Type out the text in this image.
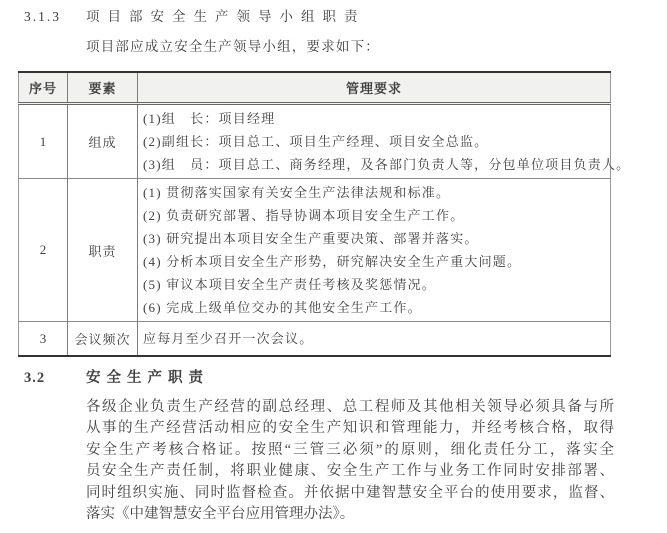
3.1.3	项目部安全生产领导小组职责
项目部应成立安全生产领导小组，要求如下：
序号	要素	管理要求
1	组成	(1)组　长：项目经理
(2)副组长：项目总工、项目生产经理、项目安全总监。
(3)组　员：项目总工、商务经理，及各部门负责人等，分包单位项目负责人。

2	职责	
(1) 贯彻落实国家有关安全生产法律法规和标准。
(2) 负责研究部署、指导协调本项目安全生产工作。
(3) 研究提出本项目安全生产重要决策、部署并落实。
(4) 分析本项目安全生产形势，研究解决安全生产重大问题。
(5) 审议本项目安全生产责任考核及奖惩情况。
(6) 完成上级单位交办的其他安全生产工作。

3	会议频次	应每月至少召开一次会议。
3.2	安全生产职责
各级企业负责生产经营的副总经理、总工程师及其他相关领导必须具备与所
从事的生产经营活动相应的安全生产知识和管理能力，并经考核合格，取得
安全生产考核合格证。按照“三管三必须”的原则，细化责任分工，落实全
员安全生产责任制，将职业健康、安全生产工作与业务工作同时安排部署、
同时组织实施、同时监督检查。并依据中建智慧安全平台的使用要求，监督、
落实《中建智慧安全平台应用管理办法》。
